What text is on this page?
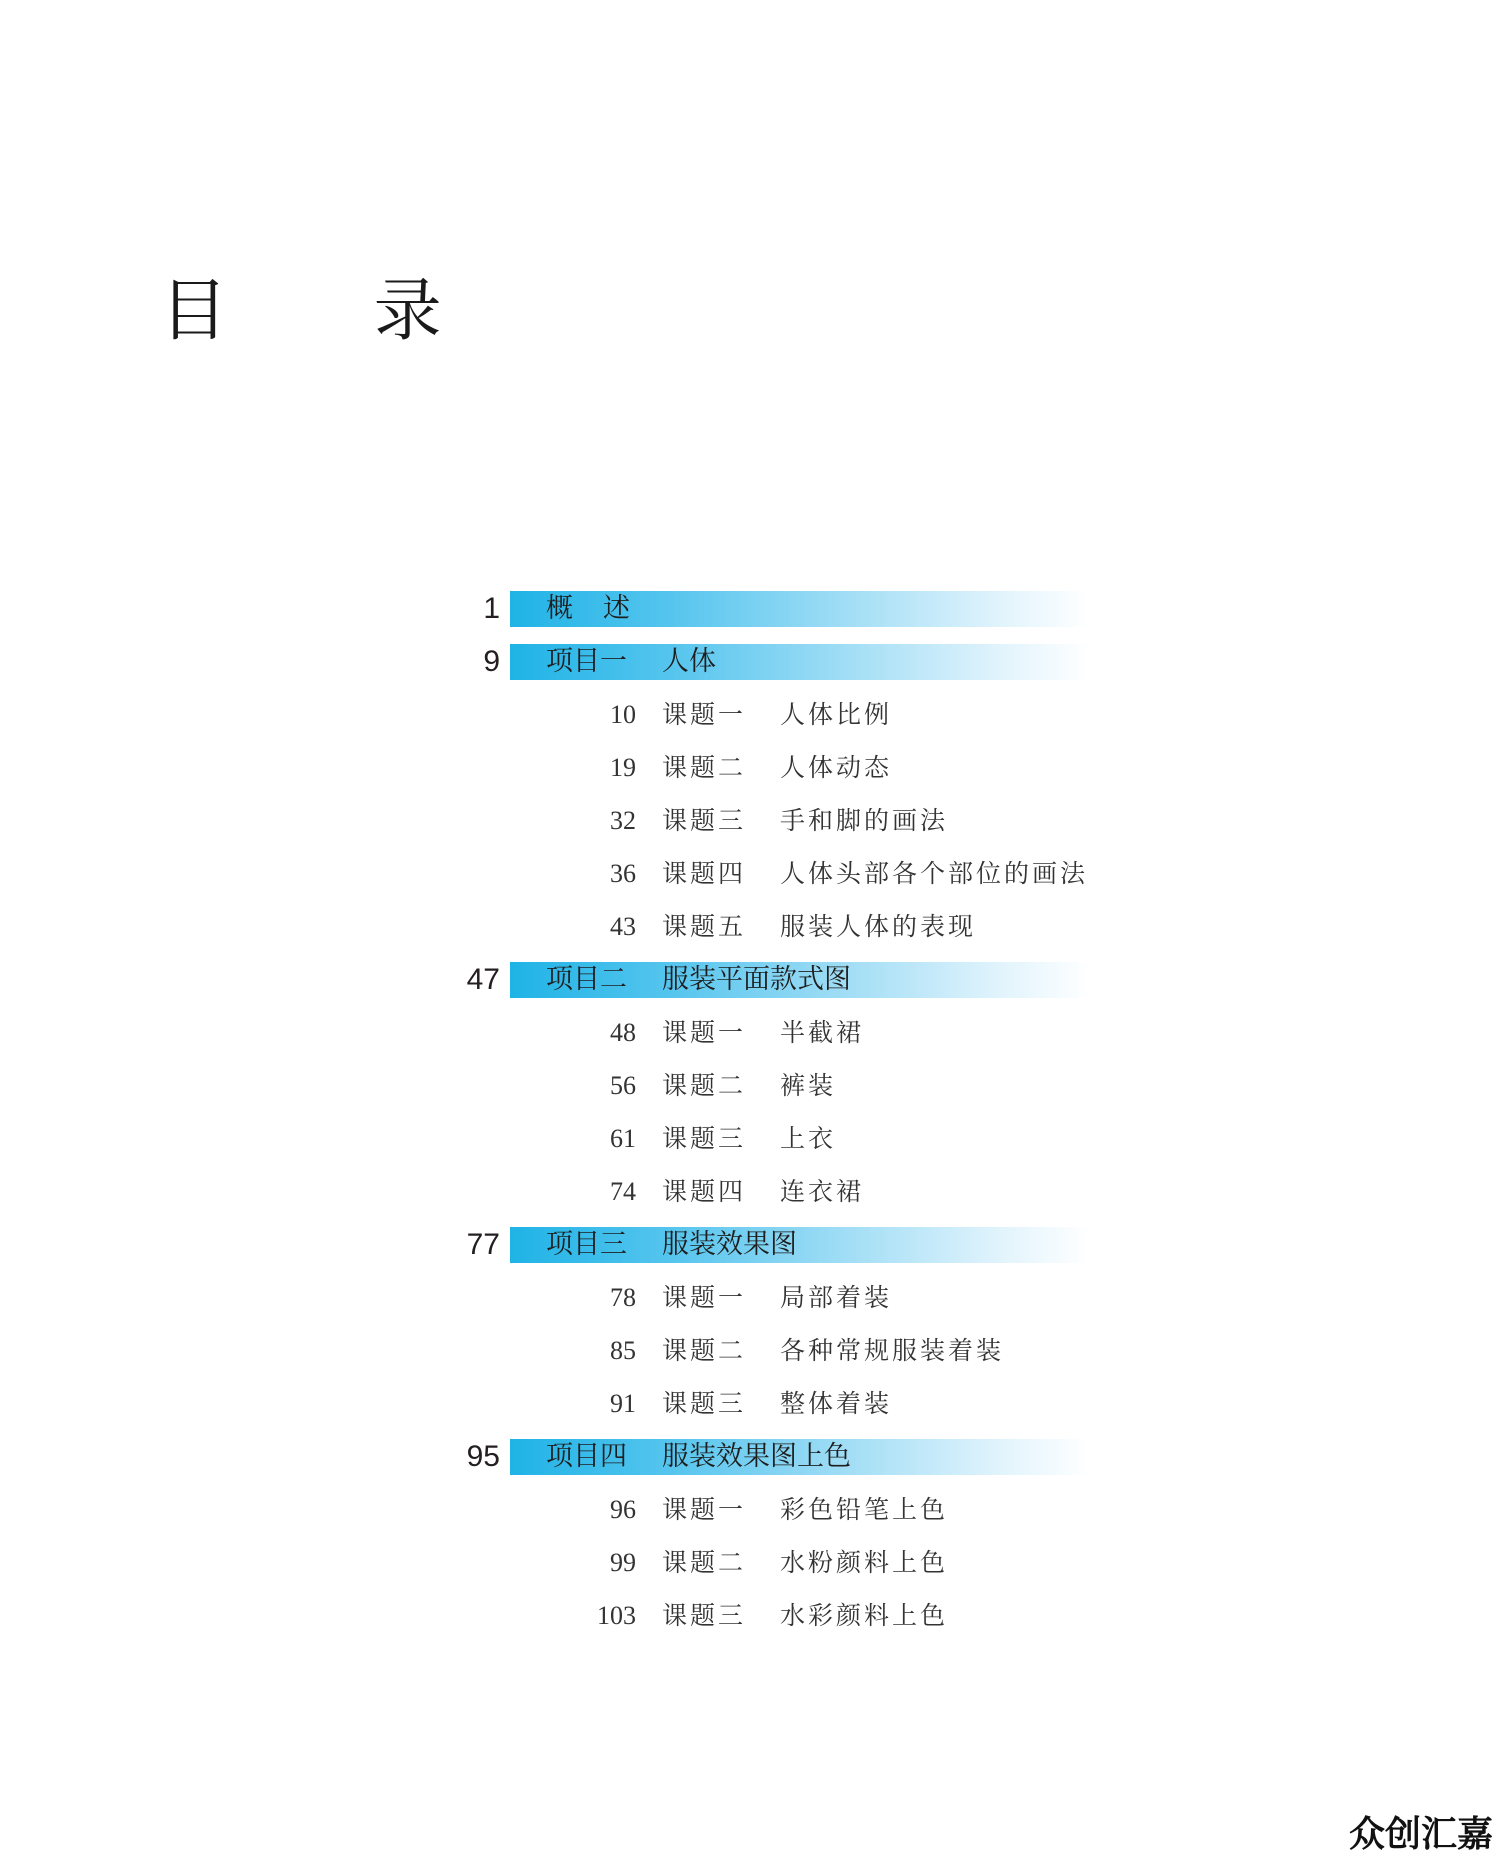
目 录
1 概述
9 项目一 人体
10 课题一 人体比例
19 课题二 人体动态
32 课题三 手和脚的画法
36 课题四 人体头部各个部位的画法
43 课题五 服装人体的表现
47 项目二 服装平面款式图
48 课题一 半截裙
56 课题二 裤装
61 课题三 上衣
74 课题四 连衣裙
77 项目三 服装效果图
78 课题一 局部着装
85 课题二 各种常规服装着装
91 课题三 整体着装
95 项目四 服装效果图上色
96 课题一 彩色铅笔上色
99 课题二 水粉颜料上色
103 课题三 水彩颜料上色
众创汇嘉
